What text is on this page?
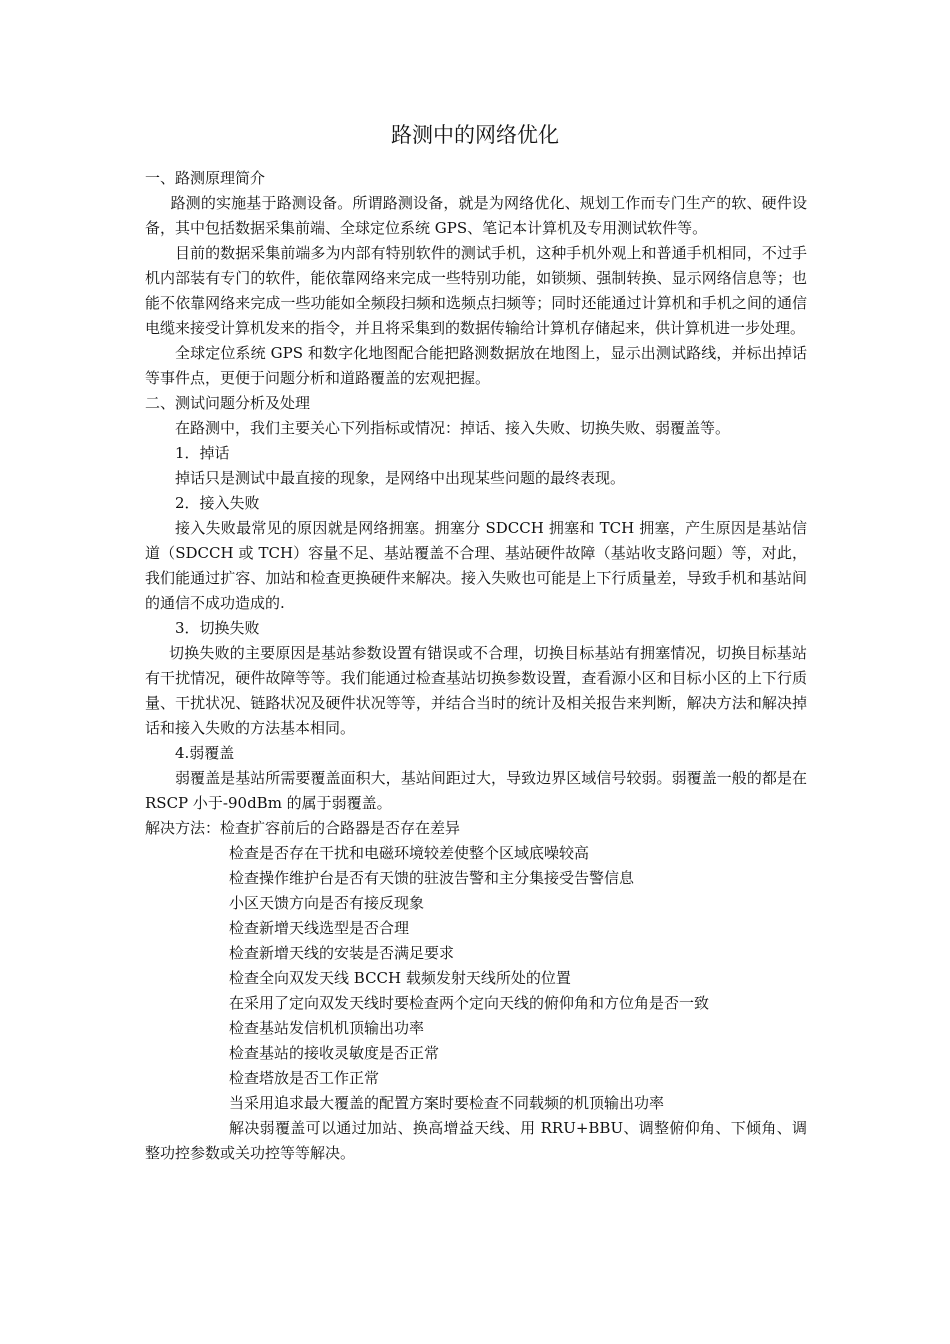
路测中的网络优化

一、路测原理简介

路测的实施基于路测设备。所谓路测设备，就是为网络优化、规划工作而专门生产的软、硬件设备，其中包括数据采集前端、全球定位系统 GPS、笔记本计算机及专用测试软件等。

目前的数据采集前端多为内部有特别软件的测试手机，这种手机外观上和普通手机相同，不过手机内部装有专门的软件，能依靠网络来完成一些特别功能，如锁频、强制转换、显示网络信息等；也能不依靠网络来完成一些功能如全频段扫频和选频点扫频等；同时还能通过计算机和手机之间的通信电缆来接受计算机发来的指令，并且将采集到的数据传输给计算机存储起来，供计算机进一步处理。

全球定位系统 GPS 和数字化地图配合能把路测数据放在地图上，显示出测试路线，并标出掉话等事件点，更便于问题分析和道路覆盖的宏观把握。

二、测试问题分析及处理

在路测中，我们主要关心下列指标或情况：掉话、接入失败、切换失败、弱覆盖等。

1．掉话

掉话只是测试中最直接的现象，是网络中出现某些问题的最终表现。

2．接入失败

接入失败最常见的原因就是网络拥塞。拥塞分 SDCCH 拥塞和 TCH 拥塞，产生原因是基站信道（SDCCH 或 TCH）容量不足、基站覆盖不合理、基站硬件故障（基站收支路问题）等，对此，我们能通过扩容、加站和检查更换硬件来解决。接入失败也可能是上下行质量差，导致手机和基站间的通信不成功造成的.

3．切换失败

切换失败的主要原因是基站参数设置有错误或不合理，切换目标基站有拥塞情况，切换目标基站有干扰情况，硬件故障等等。我们能通过检查基站切换参数设置，查看源小区和目标小区的上下行质量、干扰状况、链路状况及硬件状况等等，并结合当时的统计及相关报告来判断，解决方法和解决掉话和接入失败的方法基本相同。

4.弱覆盖

弱覆盖是基站所需要覆盖面积大，基站间距过大，导致边界区域信号较弱。弱覆盖一般的都是在 RSCP 小于-90dBm 的属于弱覆盖。

解决方法：检查扩容前后的合路器是否存在差异

检查是否存在干扰和电磁环境较差使整个区域底噪较高

检查操作维护台是否有天馈的驻波告警和主分集接受告警信息

小区天馈方向是否有接反现象

检查新增天线选型是否合理

检查新增天线的安装是否满足要求

检查全向双发天线 BCCH 载频发射天线所处的位置

在采用了定向双发天线时要检查两个定向天线的俯仰角和方位角是否一致

检查基站发信机机顶输出功率

检查基站的接收灵敏度是否正常

检查塔放是否工作正常

当采用追求最大覆盖的配置方案时要检查不同载频的机顶输出功率

解决弱覆盖可以通过加站、换高增益天线、用 RRU+BBU、调整俯仰角、下倾角、调整功控参数或关功控等等解决。
